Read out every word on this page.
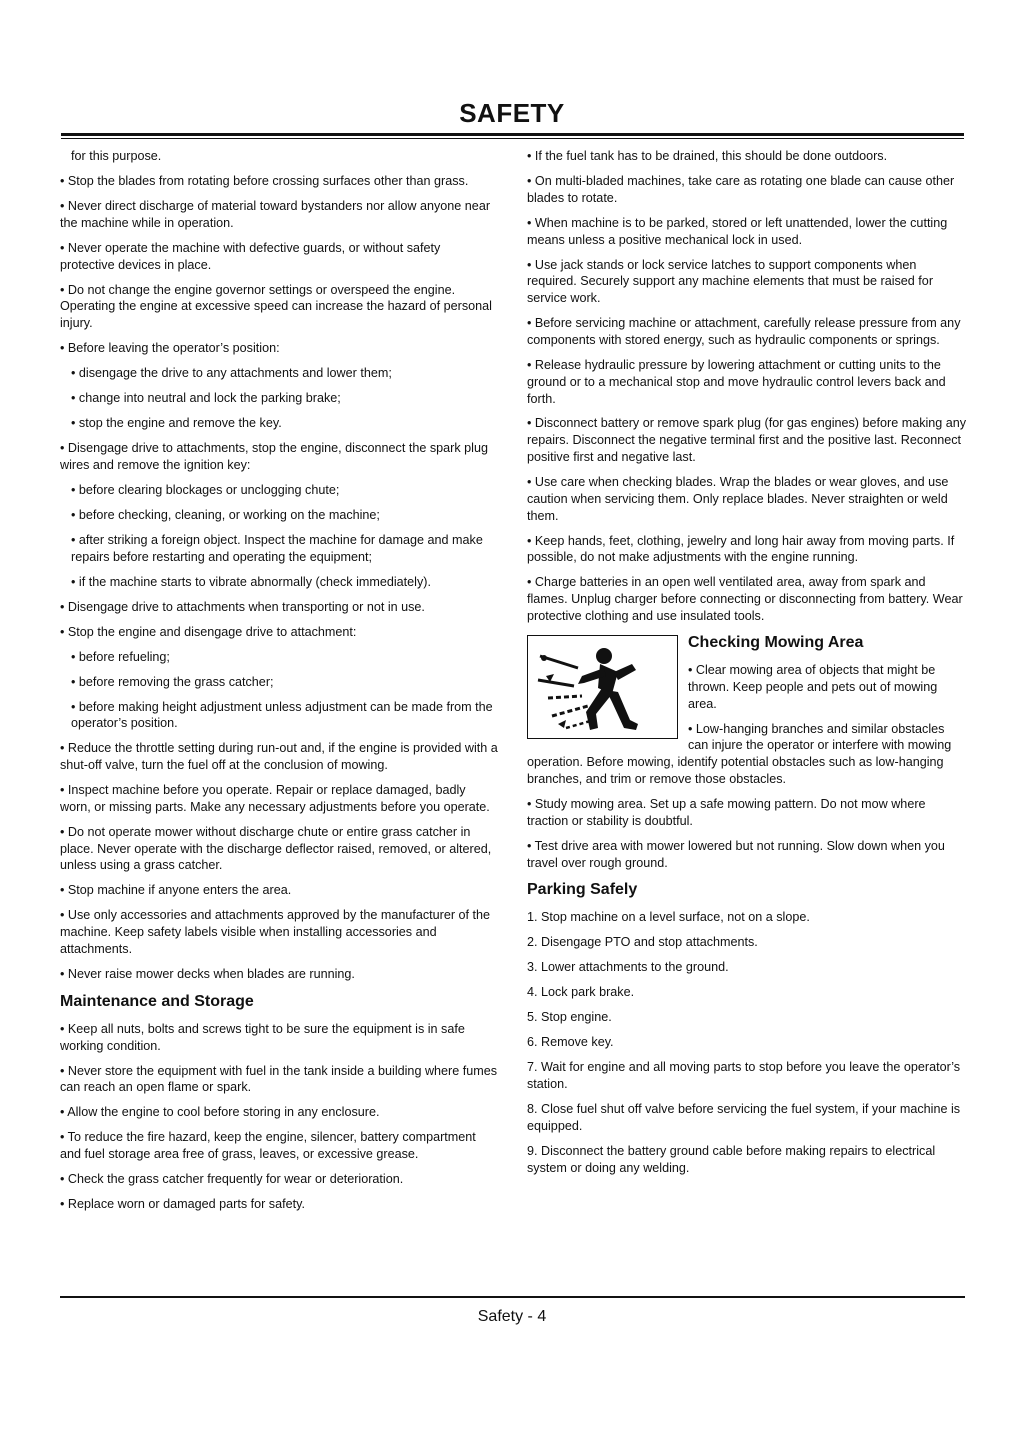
SAFETY

for this purpose.

• Stop the blades from rotating before crossing surfaces other than grass.

• Never direct discharge of material toward bystanders nor allow anyone near the machine while in operation.

• Never operate the machine with defective guards, or without safety protective devices in place.

• Do not change the engine governor settings or overspeed the engine. Operating the engine at excessive speed can increase the hazard of personal injury.

• Before leaving the operator’s position:

• disengage the drive to any attachments and lower them;

• change into neutral and lock the parking brake;

• stop the engine and remove the key.

• Disengage drive to attachments, stop the engine, disconnect the spark plug wires and remove the ignition key:

• before clearing blockages or unclogging chute;

• before checking, cleaning, or working on the machine;

• after striking a foreign object. Inspect the machine for damage and make repairs before restarting and operating the equipment;

• if the machine starts to vibrate abnormally (check immediately).

• Disengage drive to attachments when transporting or not in use.

• Stop the engine and disengage drive to attachment:

• before refueling;

• before removing the grass catcher;

• before making height adjustment unless adjustment can be made from the operator’s position.

• Reduce the throttle setting during run-out and, if the engine is provided with a shut-off valve, turn the fuel off at the conclusion of mowing.

• Inspect machine before you operate. Repair or replace damaged, badly worn, or missing parts. Make any necessary adjustments before you operate.

• Do not operate mower without discharge chute or entire grass catcher in place. Never operate with the discharge deflector raised, removed, or altered, unless using a grass catcher.

• Stop machine if anyone enters the area.

• Use only accessories and attachments approved by the manufacturer of the machine. Keep safety labels visible when installing accessories and attachments.

• Never raise mower decks when blades are running.

Maintenance and Storage

• Keep all nuts, bolts and screws tight to be sure the equipment is in safe working condition.

• Never store the equipment with fuel in the tank inside a building where fumes can reach an open flame or spark.

• Allow the engine to cool before storing in any enclosure.

• To reduce the fire hazard, keep the engine, silencer, battery compartment and fuel storage area free of grass, leaves, or excessive grease.

• Check the grass catcher frequently for wear or deterioration.

• Replace worn or damaged parts for safety.

• If the fuel tank has to be drained, this should be done outdoors.

• On multi-bladed machines, take care as rotating one blade can cause other blades to rotate.

• When machine is to be parked, stored or left unattended, lower the cutting means unless a positive mechanical lock in used.

• Use jack stands or lock service latches to support components when required. Securely support any machine elements that must be raised for service work.

• Before servicing machine or attachment, carefully release pressure from any components with stored energy, such as hydraulic components or springs.

• Release hydraulic pressure by lowering attachment or cutting units to the ground or to a mechanical stop and move hydraulic control levers back and forth.

• Disconnect battery or remove spark plug (for gas engines) before making any repairs. Disconnect the negative terminal first and the positive last. Reconnect positive first and negative last.

• Use care when checking blades. Wrap the blades or wear gloves, and use caution when servicing them. Only replace blades. Never straighten or weld them.

• Keep hands, feet, clothing, jewelry and long hair away from moving parts. If possible, do not make adjustments with the engine running.

• Charge batteries in an open well ventilated area, away from spark and flames. Unplug charger before connecting or disconnecting from battery. Wear protective clothing and use insulated tools.

Checking Mowing Area

• Clear mowing area of objects that might be thrown. Keep people and pets out of mowing area.

• Low-hanging branches and similar obstacles can injure the operator or interfere with mowing operation. Before mowing, identify potential obstacles such as low-hanging branches, and trim or remove those obstacles.

• Study mowing area. Set up a safe mowing pattern. Do not mow where traction or stability is doubtful.

• Test drive area with mower lowered but not running. Slow down when you travel over rough ground.

Parking Safely

1. Stop machine on a level surface, not on a slope.

2. Disengage PTO and stop attachments.

3. Lower attachments to the ground.

4. Lock park brake.

5. Stop engine.

6. Remove key.

7. Wait for engine and all moving parts to stop before you leave the operator’s station.

8. Close fuel shut off valve before servicing the fuel system, if your machine is equipped.

9. Disconnect the battery ground cable before making repairs to electrical system or doing any welding.

Safety - 4
